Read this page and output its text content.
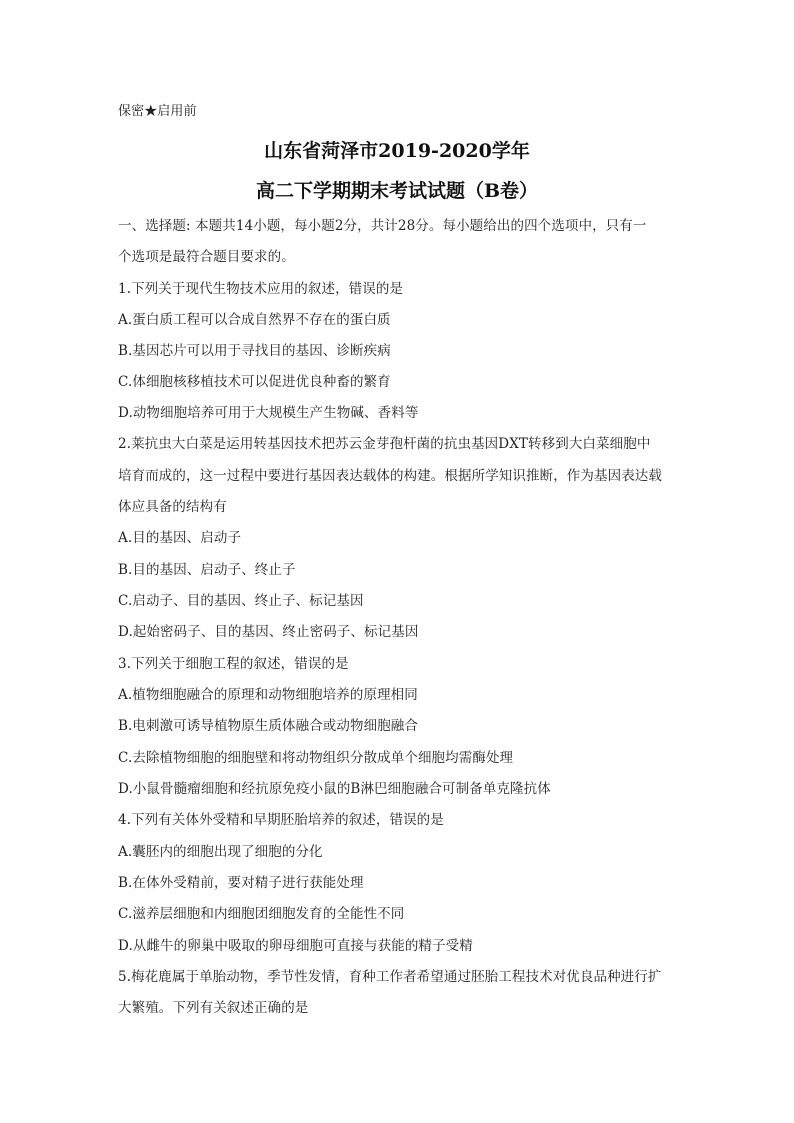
保密★启用前
山东省菏泽市2019-2020学年
高二下学期期末考试试题（B卷）
一、选择题: 本题共14小题，每小题2分，共计28分。每小题给出的四个选项中，只有一
个选项是最符合题目要求的。
1.下列关于现代生物技术应用的叙述，错误的是
A.蛋白质工程可以合成自然界不存在的蛋白质
B.基因芯片可以用于寻找目的基因、诊断疾病
C.体细胞核移植技术可以促进优良种畜的繁育
D.动物细胞培养可用于大规模生产生物碱、香料等
2.莱抗虫大白菜是运用转基因技术把苏云金芽孢杆菌的抗虫基因DXT转移到大白菜细胞中
培育而成的，这一过程中要进行基因表达载体的构建。根据所学知识推断，作为基因表达载
体应具备的结构有
A.目的基因、启动子
B.目的基因、启动子、终止子
C.启动子、目的基因、终止子、标记基因
D.起始密码子、目的基因、终止密码子、标记基因
3.下列关于细胞工程的叙述，错误的是
A.植物细胞融合的原理和动物细胞培养的原理相同
B.电刺激可诱导植物原生质体融合或动物细胞融合
C.去除植物细胞的细胞壁和将动物组织分散成单个细胞均需酶处理
D.小鼠骨髓瘤细胞和经抗原免疫小鼠的B淋巴细胞融合可制备单克隆抗体
4.下列有关体外受精和早期胚胎培养的叙述，错误的是
A.囊胚内的细胞出现了细胞的分化
B.在体外受精前，要对精子进行获能处理
C.滋养层细胞和内细胞团细胞发育的全能性不同
D.从雌牛的卵巢中吸取的卵母细胞可直接与获能的精子受精
5.梅花鹿属于单胎动物，季节性发情，育种工作者希望通过胚胎工程技术对优良品种进行扩
大繁殖。下列有关叙述正确的是
